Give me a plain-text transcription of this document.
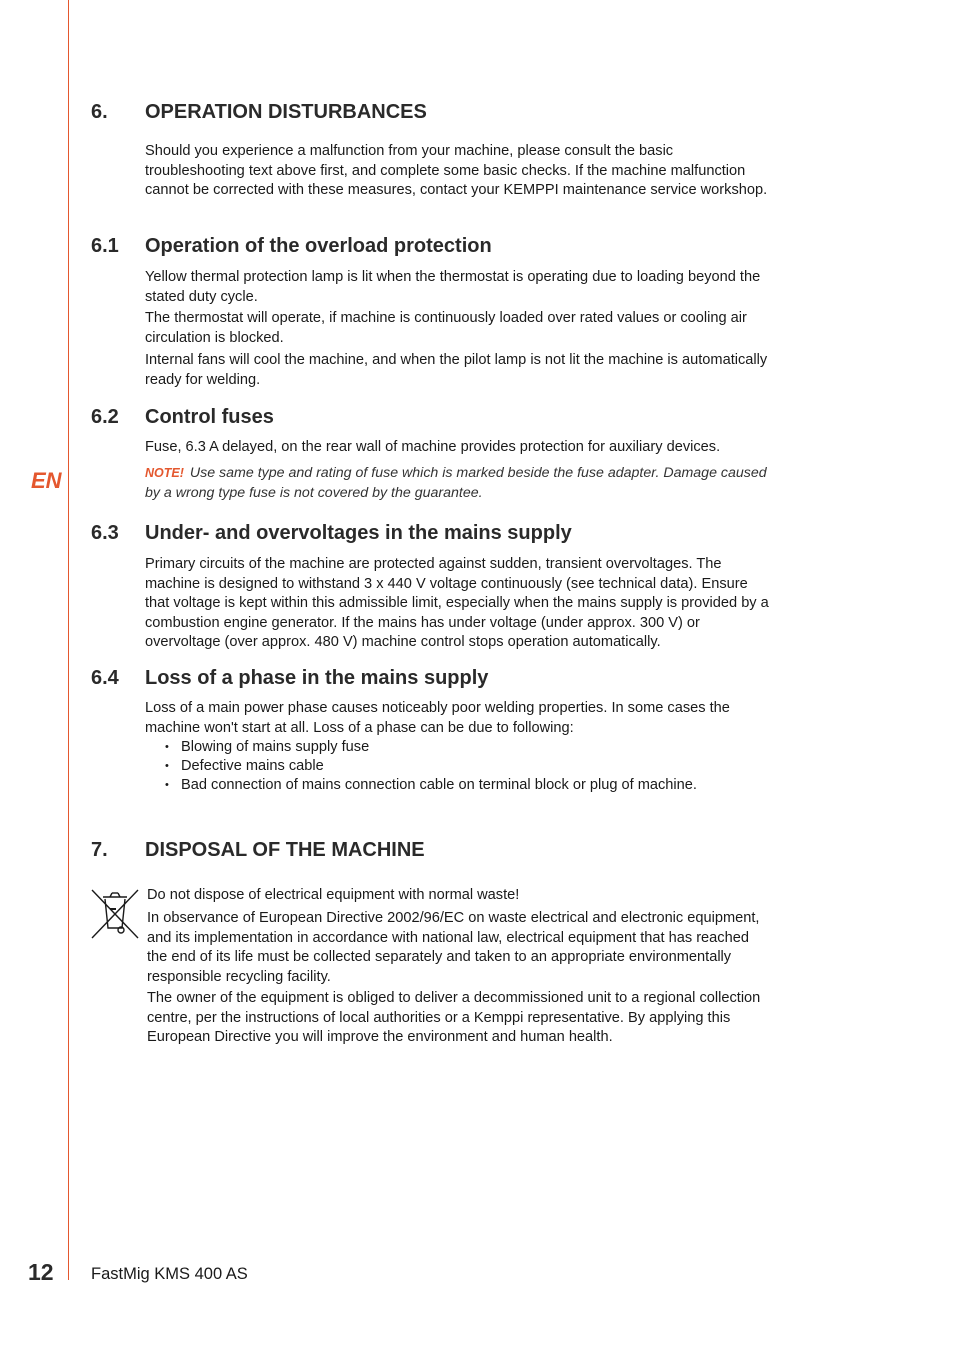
EN
6. OPERATION DISTURBANCES

Should you experience a malfunction from your machine, please consult the basic troubleshooting text above first, and complete some basic checks. If the machine malfunction cannot be corrected with these measures, contact your KEMPPI maintenance service workshop.

6.1 Operation of the overload protection

Yellow thermal protection lamp is lit when the thermostat is operating due to loading beyond the stated duty cycle.

The thermostat will operate, if machine is continuously loaded over rated values or cooling air circulation is blocked.

Internal fans will cool the machine, and when the pilot lamp is not lit the machine is automatically ready for welding.

6.2 Control fuses

Fuse, 6.3 A delayed, on the rear wall of machine provides protection for auxiliary devices.

NOTE! Use same type and rating of fuse which is marked beside the fuse adapter. Damage caused by a wrong type fuse is not covered by the guarantee.
6.3 Under- and overvoltages in the mains supply

Primary circuits of the machine are protected against sudden, transient overvoltages. The machine is designed to withstand 3 x 440 V voltage continuously (see technical data). Ensure that voltage is kept within this admissible limit, especially when the mains supply is provided by a combustion engine generator. If the mains has under voltage (under approx. 300 V) or overvoltage (over approx. 480 V) machine control stops operation automatically.

6.4 Loss of a phase in the mains supply

Loss of a main power phase causes noticeably poor welding properties. In some cases the machine won't start at all. Loss of a phase can be due to following:

• Blowing of mains supply fuse
• Defective mains cable
• Bad connection of mains connection cable on terminal block or plug of machine.
7. DISPOSAL OF THE MACHINE

Do not dispose of electrical equipment with normal waste!

In observance of European Directive 2002/96/EC on waste electrical and electronic equipment, and its implementation in accordance with national law, electrical equipment that has reached the end of its life must be collected separately and taken to an appropriate environmentally responsible recycling facility.

The owner of the equipment is obliged to deliver a decommissioned unit to a regional collection centre, per the instructions of local authorities or a Kemppi representative. By applying this European Directive you will improve the environment and human health.

12 FastMig KMS 400 AS
